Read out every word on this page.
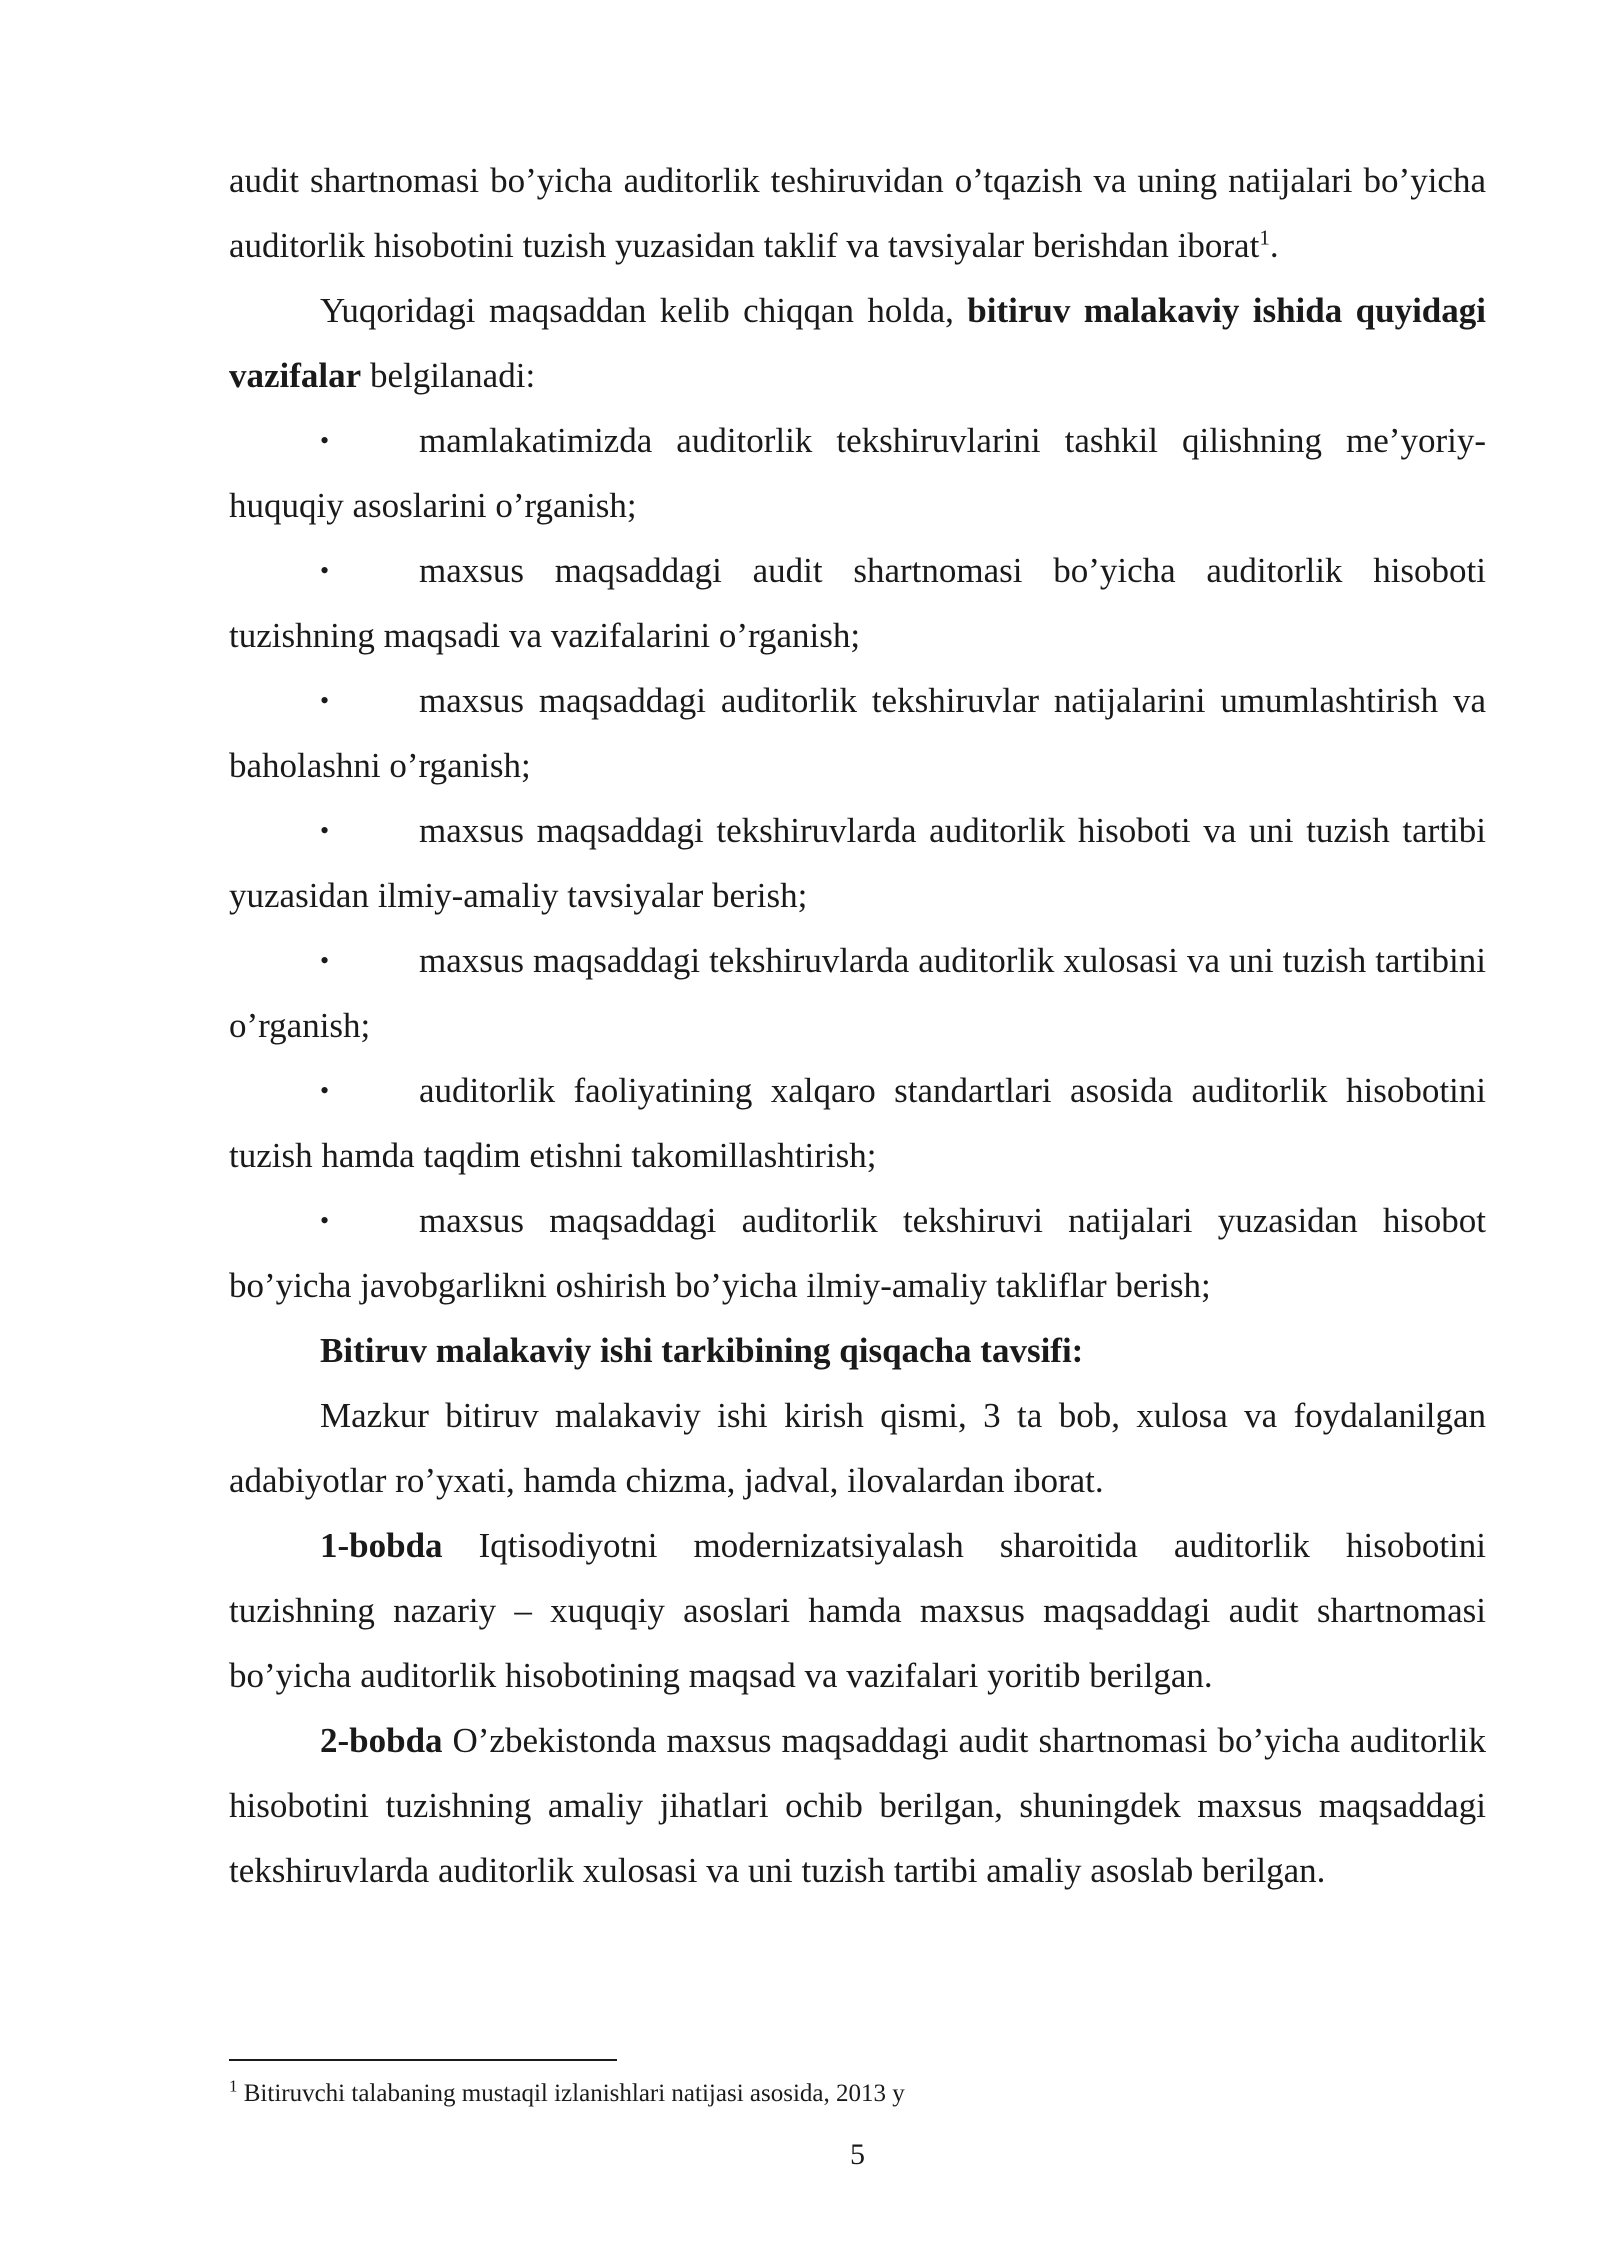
audit shartnomasi bo’yicha auditorlik teshiruvidan o’tqazish va uning natijalari bo’yicha auditorlik hisobotini tuzish yuzasidan taklif va tavsiyalar berishdan iborat$^1$.

Yuqoridagi maqsaddan kelib chiqqan holda, bitiruv malakaviy ishida quyidagi vazifalar belgilanadi:

•	mamlakatimizda auditorlik tekshiruvlarini tashkil qilishning me’yoriy- huquqiy asoslarini o’rganish;

•	maxsus maqsaddagi audit shartnomasi bo’yicha auditorlik hisoboti tuzishning maqsadi va vazifalarini o’rganish;

•	maxsus maqsaddagi auditorlik tekshiruvlar natijalarini umumlashtirish va baholashni o’rganish;

•	maxsus maqsaddagi tekshiruvlarda auditorlik hisoboti va uni tuzish tartibi yuzasidan ilmiy-amaliy tavsiyalar berish;

•	maxsus maqsaddagi tekshiruvlarda auditorlik xulosasi va uni tuzish tartibini o’rganish;

•	auditorlik faoliyatining xalqaro standartlari asosida auditorlik hisobotini tuzish hamda taqdim etishni takomillashtirish;

•	maxsus maqsaddagi auditorlik tekshiruvi natijalari yuzasidan hisobot bo’yicha javobgarlikni oshirish bo’yicha ilmiy-amaliy takliflar berish;

Bitiruv malakaviy ishi tarkibining qisqacha tavsifi:

Mazkur bitiruv malakaviy ishi kirish qismi, 3 ta bob, xulosa va foydalanilgan adabiyotlar ro’yxati, hamda chizma, jadval, ilovalardan iborat.

1-bobda Iqtisodiyotni modernizatsiyalash sharoitida auditorlik hisobotini tuzishning nazariy – xuquqiy asoslari hamda maxsus maqsaddagi audit shartnomasi bo’yicha auditorlik hisobotining maqsad va vazifalari yoritib berilgan.

2-bobda O’zbekistonda maxsus maqsaddagi audit shartnomasi bo’yicha auditorlik hisobotini tuzishning amaliy jihatlari ochib berilgan, shuningdek maxsus maqsaddagi tekshiruvlarda auditorlik xulosasi va uni tuzish tartibi amaliy asoslab berilgan.

$^1$ Bitiruvchi talabaning mustaqil izlanishlari natijasi asosida, 2013 y
5
